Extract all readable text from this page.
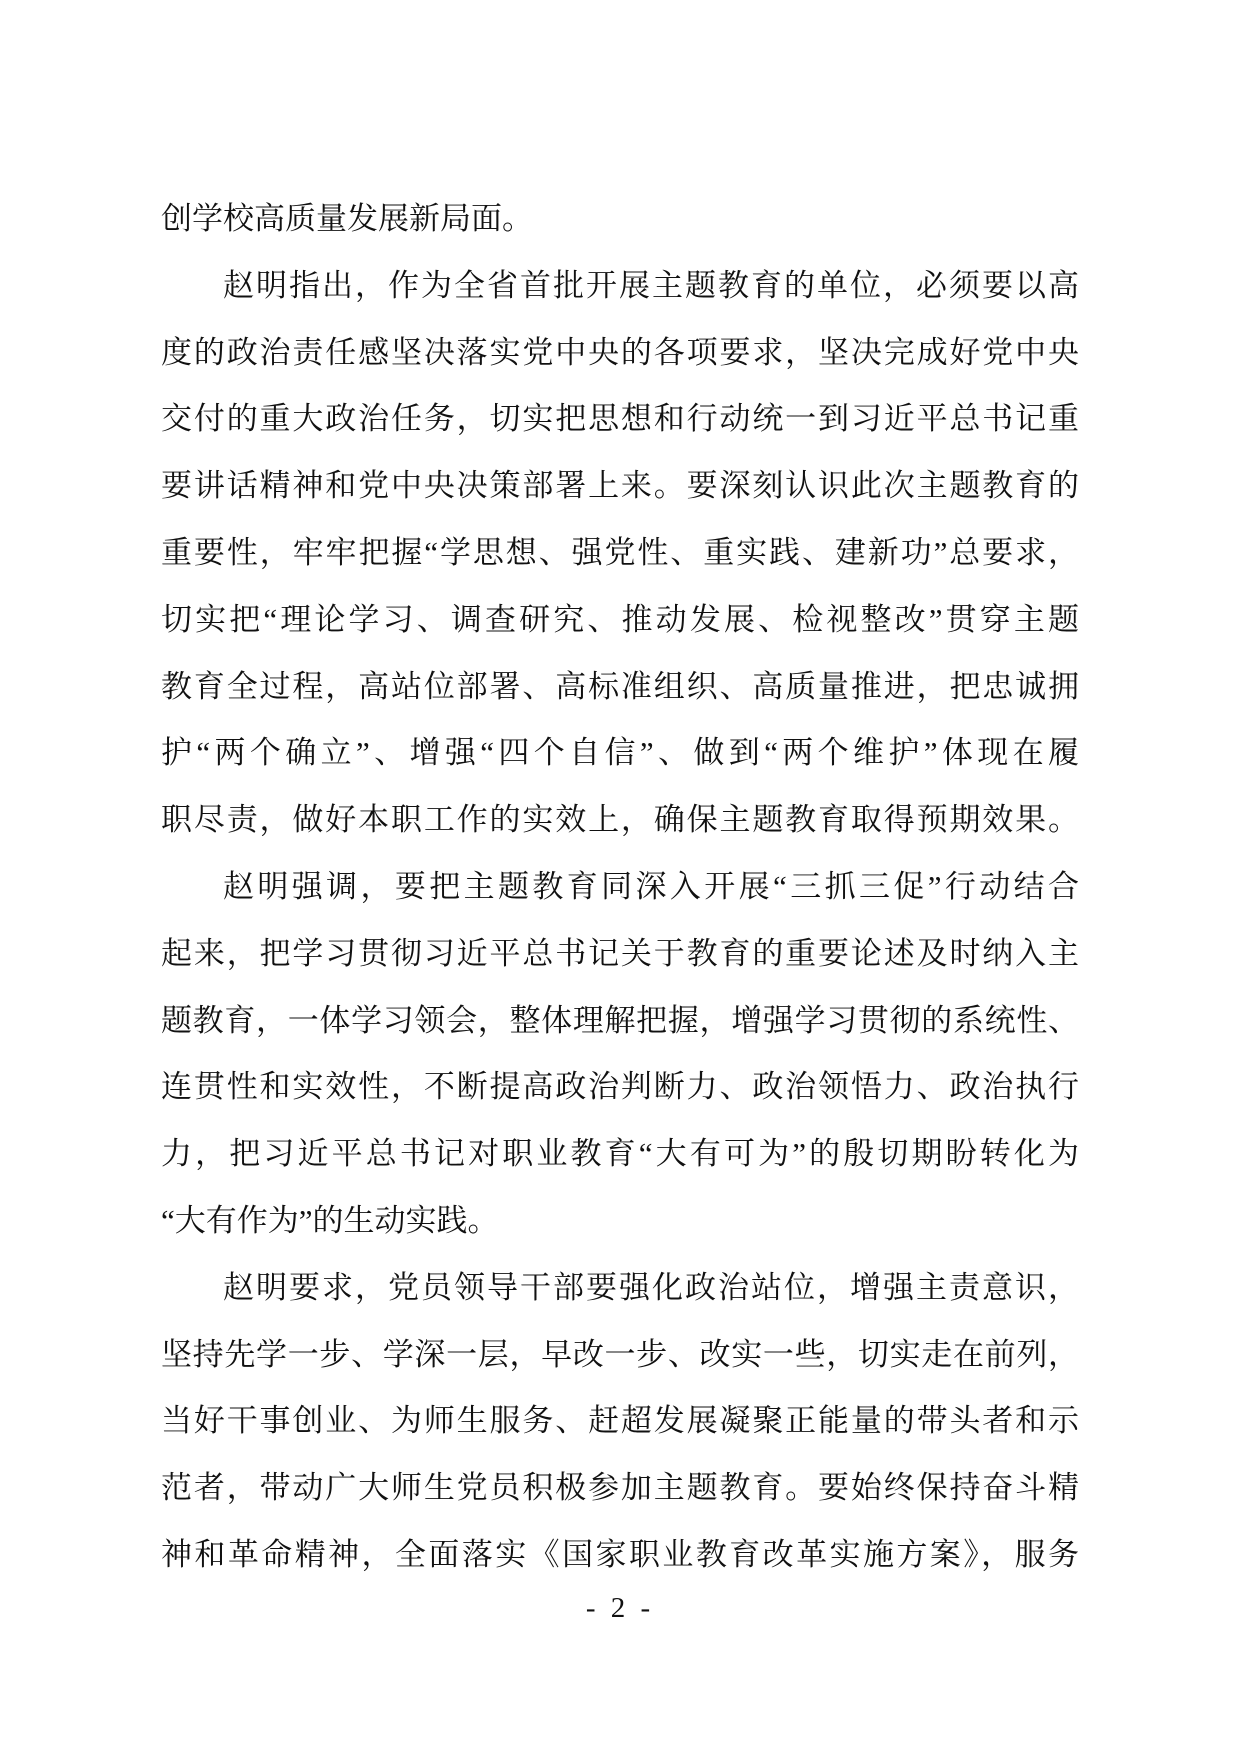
创学校高质量发展新局面。
赵明指出，作为全省首批开展主题教育的单位，必须要以高
度的政治责任感坚决落实党中央的各项要求，坚决完成好党中央
交付的重大政治任务，切实把思想和行动统一到习近平总书记重
要讲话精神和党中央决策部署上来。要深刻认识此次主题教育的
重要性，牢牢把握“学思想、强党性、重实践、建新功”总要求，
切实把“理论学习、调查研究、推动发展、检视整改”贯穿主题
教育全过程，高站位部署、高标准组织、高质量推进，把忠诚拥
护“两个确立”、增强“四个自信”、做到“两个维护”体现在履
职尽责，做好本职工作的实效上，确保主题教育取得预期效果。
赵明强调，要把主题教育同深入开展“三抓三促”行动结合
起来，把学习贯彻习近平总书记关于教育的重要论述及时纳入主
题教育，一体学习领会，整体理解把握，增强学习贯彻的系统性、
连贯性和实效性，不断提高政治判断力、政治领悟力、政治执行
力，把习近平总书记对职业教育“大有可为”的殷切期盼转化为
“大有作为”的生动实践。
赵明要求，党员领导干部要强化政治站位，增强主责意识，
坚持先学一步、学深一层，早改一步、改实一些，切实走在前列，
当好干事创业、为师生服务、赶超发展凝聚正能量的带头者和示
范者，带动广大师生党员积极参加主题教育。要始终保持奋斗精
神和革命精神，全面落实《国家职业教育改革实施方案》，服务
- 2 -
